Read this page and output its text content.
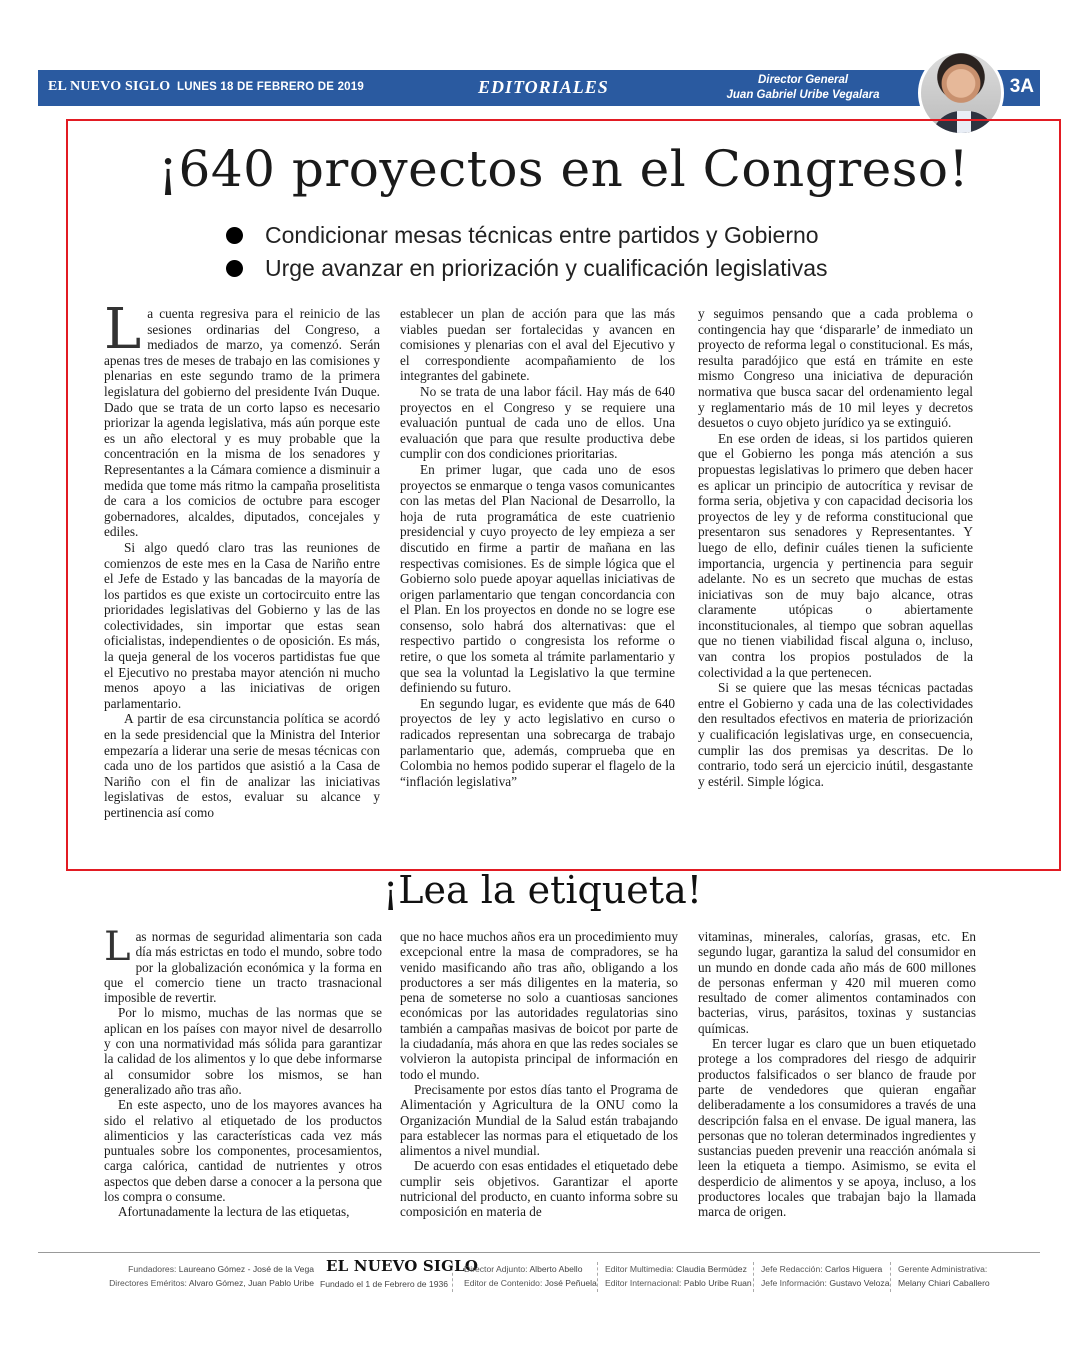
EL NUEVO SIGLO LUNES 18 DE FEBRERO DE 2019	EDITORIALES	Director General
Juan Gabriel Uribe Vegalara	3A
¡640 proyectos en el Congreso!
Condicionar mesas técnicas entre partidos y Gobierno
Urge avanzar en priorización y cualificación legislativas

La cuenta regresiva para el reinicio de las sesiones ordinarias del Congreso, a mediados de marzo, ya comenzó. Serán apenas tres de meses de trabajo en las comisiones y plenarias en este segundo tramo de la primera legislatura del gobierno del presidente Iván Duque. Dado que se trata de un corto lapso es necesario priorizar la agenda legislativa, más aún porque este es un año electoral y es muy probable que la concentración en la misma de los senadores y Representantes a la Cámara comience a disminuir a medida que tome más ritmo la campaña proselitista de cara a los comicios de octubre para escoger gobernadores, alcaldes, diputados, concejales y ediles.

Si algo quedó claro tras las reuniones de comienzos de este mes en la Casa de Nariño entre el Jefe de Estado y las bancadas de la mayoría de los partidos es que existe un cortocircuito entre las prioridades legislativas del Gobierno y las de las colectividades, sin importar que estas sean oficialistas, independientes o de oposición. Es más, la queja general de los voceros partidistas fue que el Ejecutivo no prestaba mayor atención ni mucho menos apoyo a las iniciativas de origen parlamentario.

A partir de esa circunstancia política se acordó en la sede presidencial que la Ministra del Interior empezaría a liderar una serie de mesas técnicas con cada uno de los partidos que asistió a la Casa de Nariño con el fin de analizar las iniciativas legislativas de estos, evaluar su alcance y pertinencia así como

establecer un plan de acción para que las más viables puedan ser fortalecidas y avancen en comisiones y plenarias con el aval del Ejecutivo y el correspondiente acompañamiento de los integrantes del gabinete.

No se trata de una labor fácil. Hay más de 640 proyectos en el Congreso y se requiere una evaluación puntual de cada uno de ellos. Una evaluación que para que resulte productiva debe cumplir con dos condiciones prioritarias.

En primer lugar, que cada uno de esos proyectos se enmarque o tenga vasos comunicantes con las metas del Plan Nacional de Desarrollo, la hoja de ruta programática de este cuatrienio presidencial y cuyo proyecto de ley empieza a ser discutido en firme a partir de mañana en las respectivas comisiones. Es de simple lógica que el Gobierno solo puede apoyar aquellas iniciativas de origen parlamentario que tengan concordancia con el Plan. En los proyectos en donde no se logre ese consenso, solo habrá dos alternativas: que el respectivo partido o congresista los reforme o retire, o que los someta al trámite parlamentario y que sea la voluntad la Legislativo la que termine definiendo su futuro.

En segundo lugar, es evidente que más de 640 proyectos de ley y acto legislativo en curso o radicados representan una sobrecarga de trabajo parlamentario que, además, comprueba que en Colombia no hemos podido superar el flagelo de la “inflación legislativa”

y seguimos pensando que a cada problema o contingencia hay que ‘dispararle’ de inmediato un proyecto de reforma legal o constitucional. Es más, resulta paradójico que está en trámite en este mismo Congreso una iniciativa de depuración normativa que busca sacar del ordenamiento legal y reglamentario más de 10 mil leyes y decretos desuetos o cuyo objeto jurídico ya se extinguió.

En ese orden de ideas, si los partidos quieren que el Gobierno les ponga más atención a sus propuestas legislativas lo primero que deben hacer es aplicar un principio de autocrítica y revisar de forma seria, objetiva y con capacidad decisoria los proyectos de ley y de reforma constitucional que presentaron sus senadores y Representantes. Y luego de ello, definir cuáles tienen la suficiente importancia, urgencia y pertinencia para seguir adelante. No es un secreto que muchas de estas iniciativas son de muy bajo alcance, otras claramente utópicas o abiertamente inconstitucionales, al tiempo que sobran aquellas que no tienen viabilidad fiscal alguna o, incluso, van contra los propios postulados de la colectividad a la que pertenecen.

Si se quiere que las mesas técnicas pactadas entre el Gobierno y cada una de las colectividades den resultados efectivos en materia de priorización y cualificación legislativas urge, en consecuencia, cumplir las dos premisas ya descritas. De lo contrario, todo será un ejercicio inútil, desgastante y estéril. Simple lógica.

¡Lea la etiqueta!

Las normas de seguridad alimentaria son cada día más estrictas en todo el mundo, sobre todo por la globalización económica y la forma en que el comercio tiene un tracto trasnacional imposible de revertir.

Por lo mismo, muchas de las normas que se aplican en los países con mayor nivel de desarrollo y con una normatividad más sólida para garantizar la calidad de los alimentos y lo que debe informarse al consumidor sobre los mismos, se han generalizado año tras año.

En este aspecto, uno de los mayores avances ha sido el relativo al etiquetado de los productos alimenticios y las características cada vez más puntuales sobre los componentes, procesamientos, carga calórica, cantidad de nutrientes y otros aspectos que deben darse a conocer a la persona que los compra o consume.

Afortunadamente la lectura de las etiquetas,

que no hace muchos años era un procedimiento muy excepcional entre la masa de compradores, se ha venido masificando año tras año, obligando a los productores a ser más diligentes en la materia, so pena de someterse no solo a cuantiosas sanciones económicas por las autoridades regulatorias sino también a campañas masivas de boicot por parte de la ciudadanía, más ahora en que las redes sociales se volvieron la autopista principal de información en todo el mundo.

Precisamente por estos días tanto el Programa de Alimentación y Agricultura de la ONU como la Organización Mundial de la Salud están trabajando para establecer las normas para el etiquetado de los alimentos a nivel mundial.

De acuerdo con esas entidades el etiquetado debe cumplir seis objetivos. Garantizar el aporte nutricional del producto, en cuanto informa sobre su composición en materia de

vitaminas, minerales, calorías, grasas, etc. En segundo lugar, garantiza la salud del consumidor en un mundo en donde cada año más de 600 millones de personas enferman y 420 mil mueren como resultado de comer alimentos contaminados con bacterias, virus, parásitos, toxinas y sustancias químicas.

En tercer lugar es claro que un buen etiquetado protege a los compradores del riesgo de adquirir productos falsificados o ser blanco de fraude por parte de vendedores que quieran engañar deliberadamente a los consumidores a través de una descripción falsa en el envase. De igual manera, las personas que no toleran determinados ingredientes y sustancias pueden prevenir una reacción anómala si leen la etiqueta a tiempo. Asimismo, se evita el desperdicio de alimentos y se apoya, incluso, a los productores locales que trabajan bajo la llamada marca de origen.

Fundadores: Laureano Gómez - José de la Vega
Directores Eméritos: Alvaro Gómez, Juan Pablo Uribe
EL NUEVO SIGLO
Fundado el 1 de Febrero de 1936
Director Adjunto: Alberto Abello
Editor de Contenido: José Peñuela
Editor Multimedia: Claudia Bermúdez
Editor Internacional: Pablo Uribe Ruan
Jefe Redacción: Carlos Higuera
Jefe Información: Gustavo Veloza
Gerente Administrativa:
Melany Chiari Caballero
